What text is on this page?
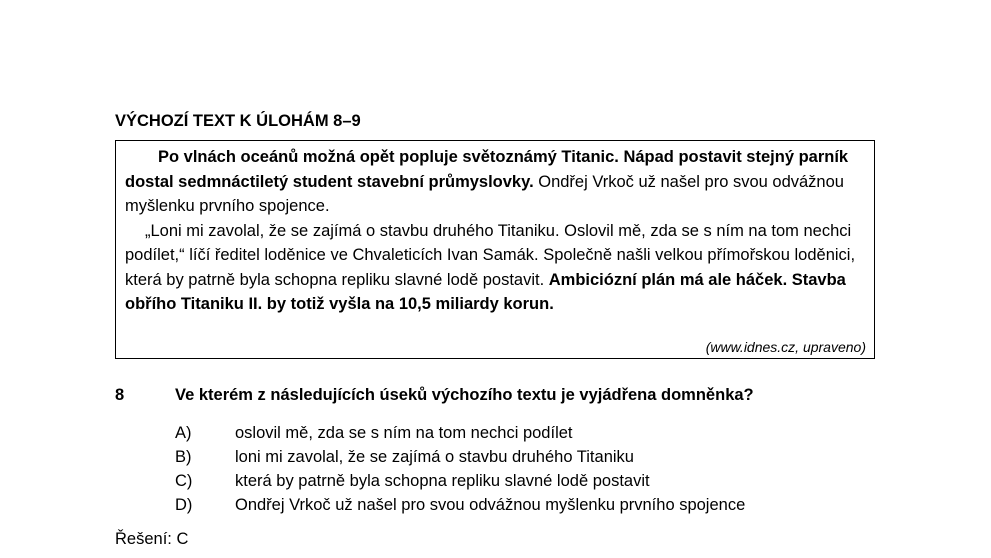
VÝCHOZÍ TEXT K ÚLOHÁM 8–9

Po vlnách oceánů možná opět popluje světoznámý Titanic. Nápad postavit stejný parník dostal sedmnáctiletý student stavební průmyslovky. Ondřej Vrkoč už našel pro svou odvážnou myšlenku prvního spojence.

„Loni mi zavolal, že se zajímá o stavbu druhého Titaniku. Oslovil mě, zda se s ním na tom nechci podílet,“ líčí ředitel loděnice ve Chvaleticích Ivan Samák. Společně našli velkou přímořskou loděnici, která by patrně byla schopna repliku slavné lodě postavit. Ambiciózní plán má ale háček. Stavba obřího Titaniku II. by totiž vyšla na 10,5 miliardy korun.

(www.idnes.cz, upraveno)
8	Ve kterém z následujících úseků výchozího textu je vyjádřena domněnka?
A)	oslovil mě, zda se s ním na tom nechci podílet
B)	loni mi zavolal, že se zajímá o stavbu druhého Titaniku
C)	která by patrně byla schopna repliku slavné lodě postavit
D)	Ondřej Vrkoč už našel pro svou odvážnou myšlenku prvního spojence
Řešení: C
